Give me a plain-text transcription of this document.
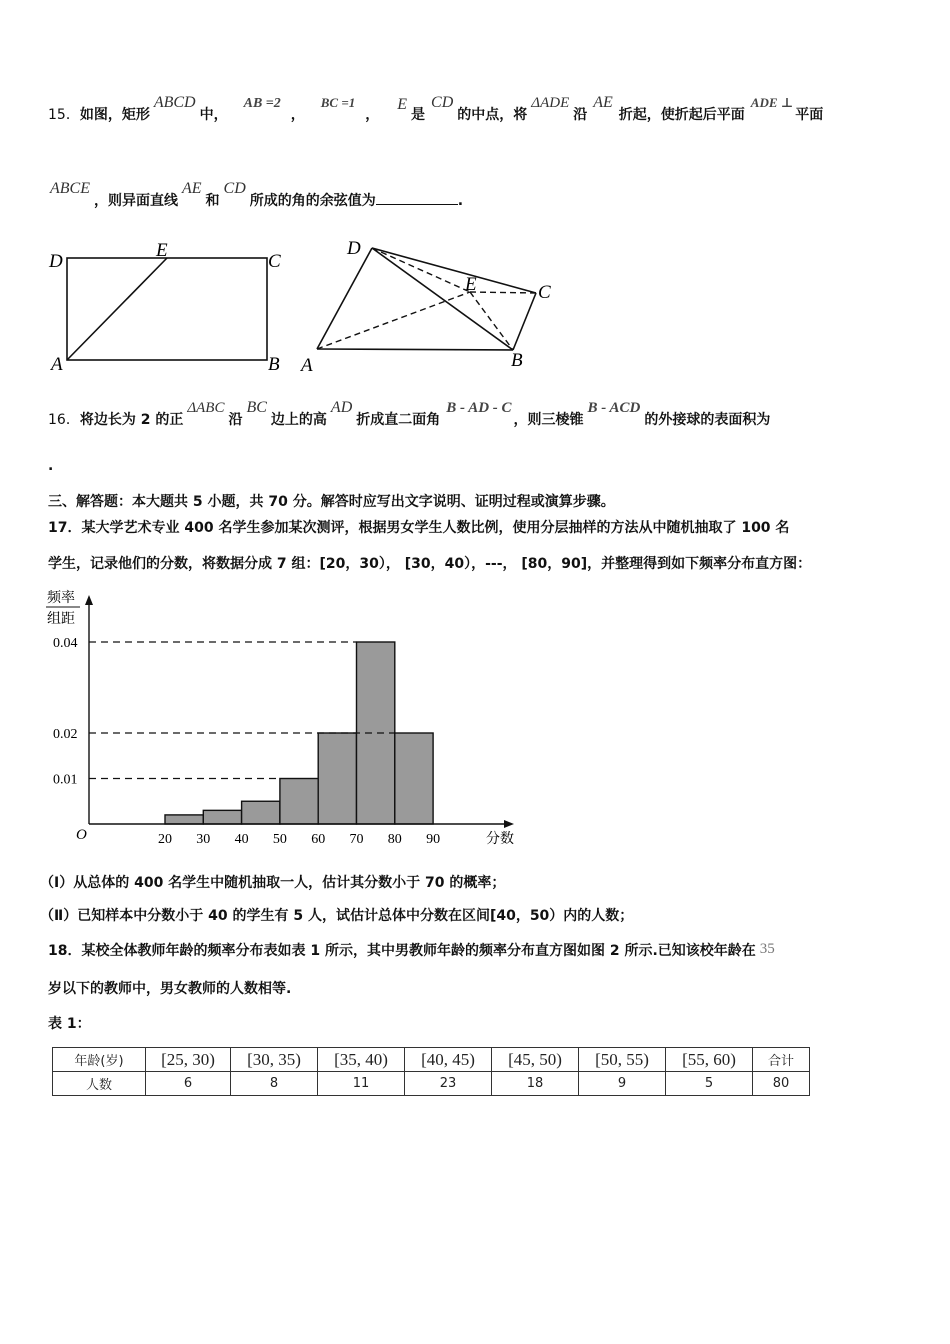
15．如图，矩形ABCD中，AB =2，BC =1，E是CD的中点，将ΔADE沿AE折起，使折起后平面ADE ⊥平面
ABCE，则异面直线AE和CD所成的角的余弦值为	.
D
E
C
A	B
D
E	C
A	B
16．将边长为 2 的正ΔABC沿BC边上的高AD折成直二面角B - AD - C，则三棱锥B - ACD的外接球的表面积为
.
三、解答题：本大题共 5 小题，共 70 分。解答时应写出文字说明、证明过程或演算步骤。
17．某大学艺术专业 400 名学生参加某次测评，根据男女学生人数比例，使用分层抽样的方法从中随机抽取了 100 名
学生，记录他们的分数，将数据分成 7 组：[20，30）， [30，40），---， [80，90]，并整理得到如下频率分布直方图：
0.04
0.02
0.01
20 30 40 50 60 70 80 90
频率
组距
分数
O
（Ⅰ）从总体的 400 名学生中随机抽取一人，估计其分数小于 70 的概率；
（Ⅱ）已知样本中分数小于 40 的学生有 5 人，试估计总体中分数在区间[40，50）内的人数；
18．某校全体教师年龄的频率分布表如表 1 所示，其中男教师年龄的频率分布直方图如图 2 所示.已知该校年龄在 35
岁以下的教师中，男女教师的人数相等.
表 1：
年龄(岁)	[25, 30)	[30, 35)	[35, 40)	[40, 45)	[45, 50)	[50, 55)	[55, 60)	合计
人数	6	8	11	23	18	9	5	80
